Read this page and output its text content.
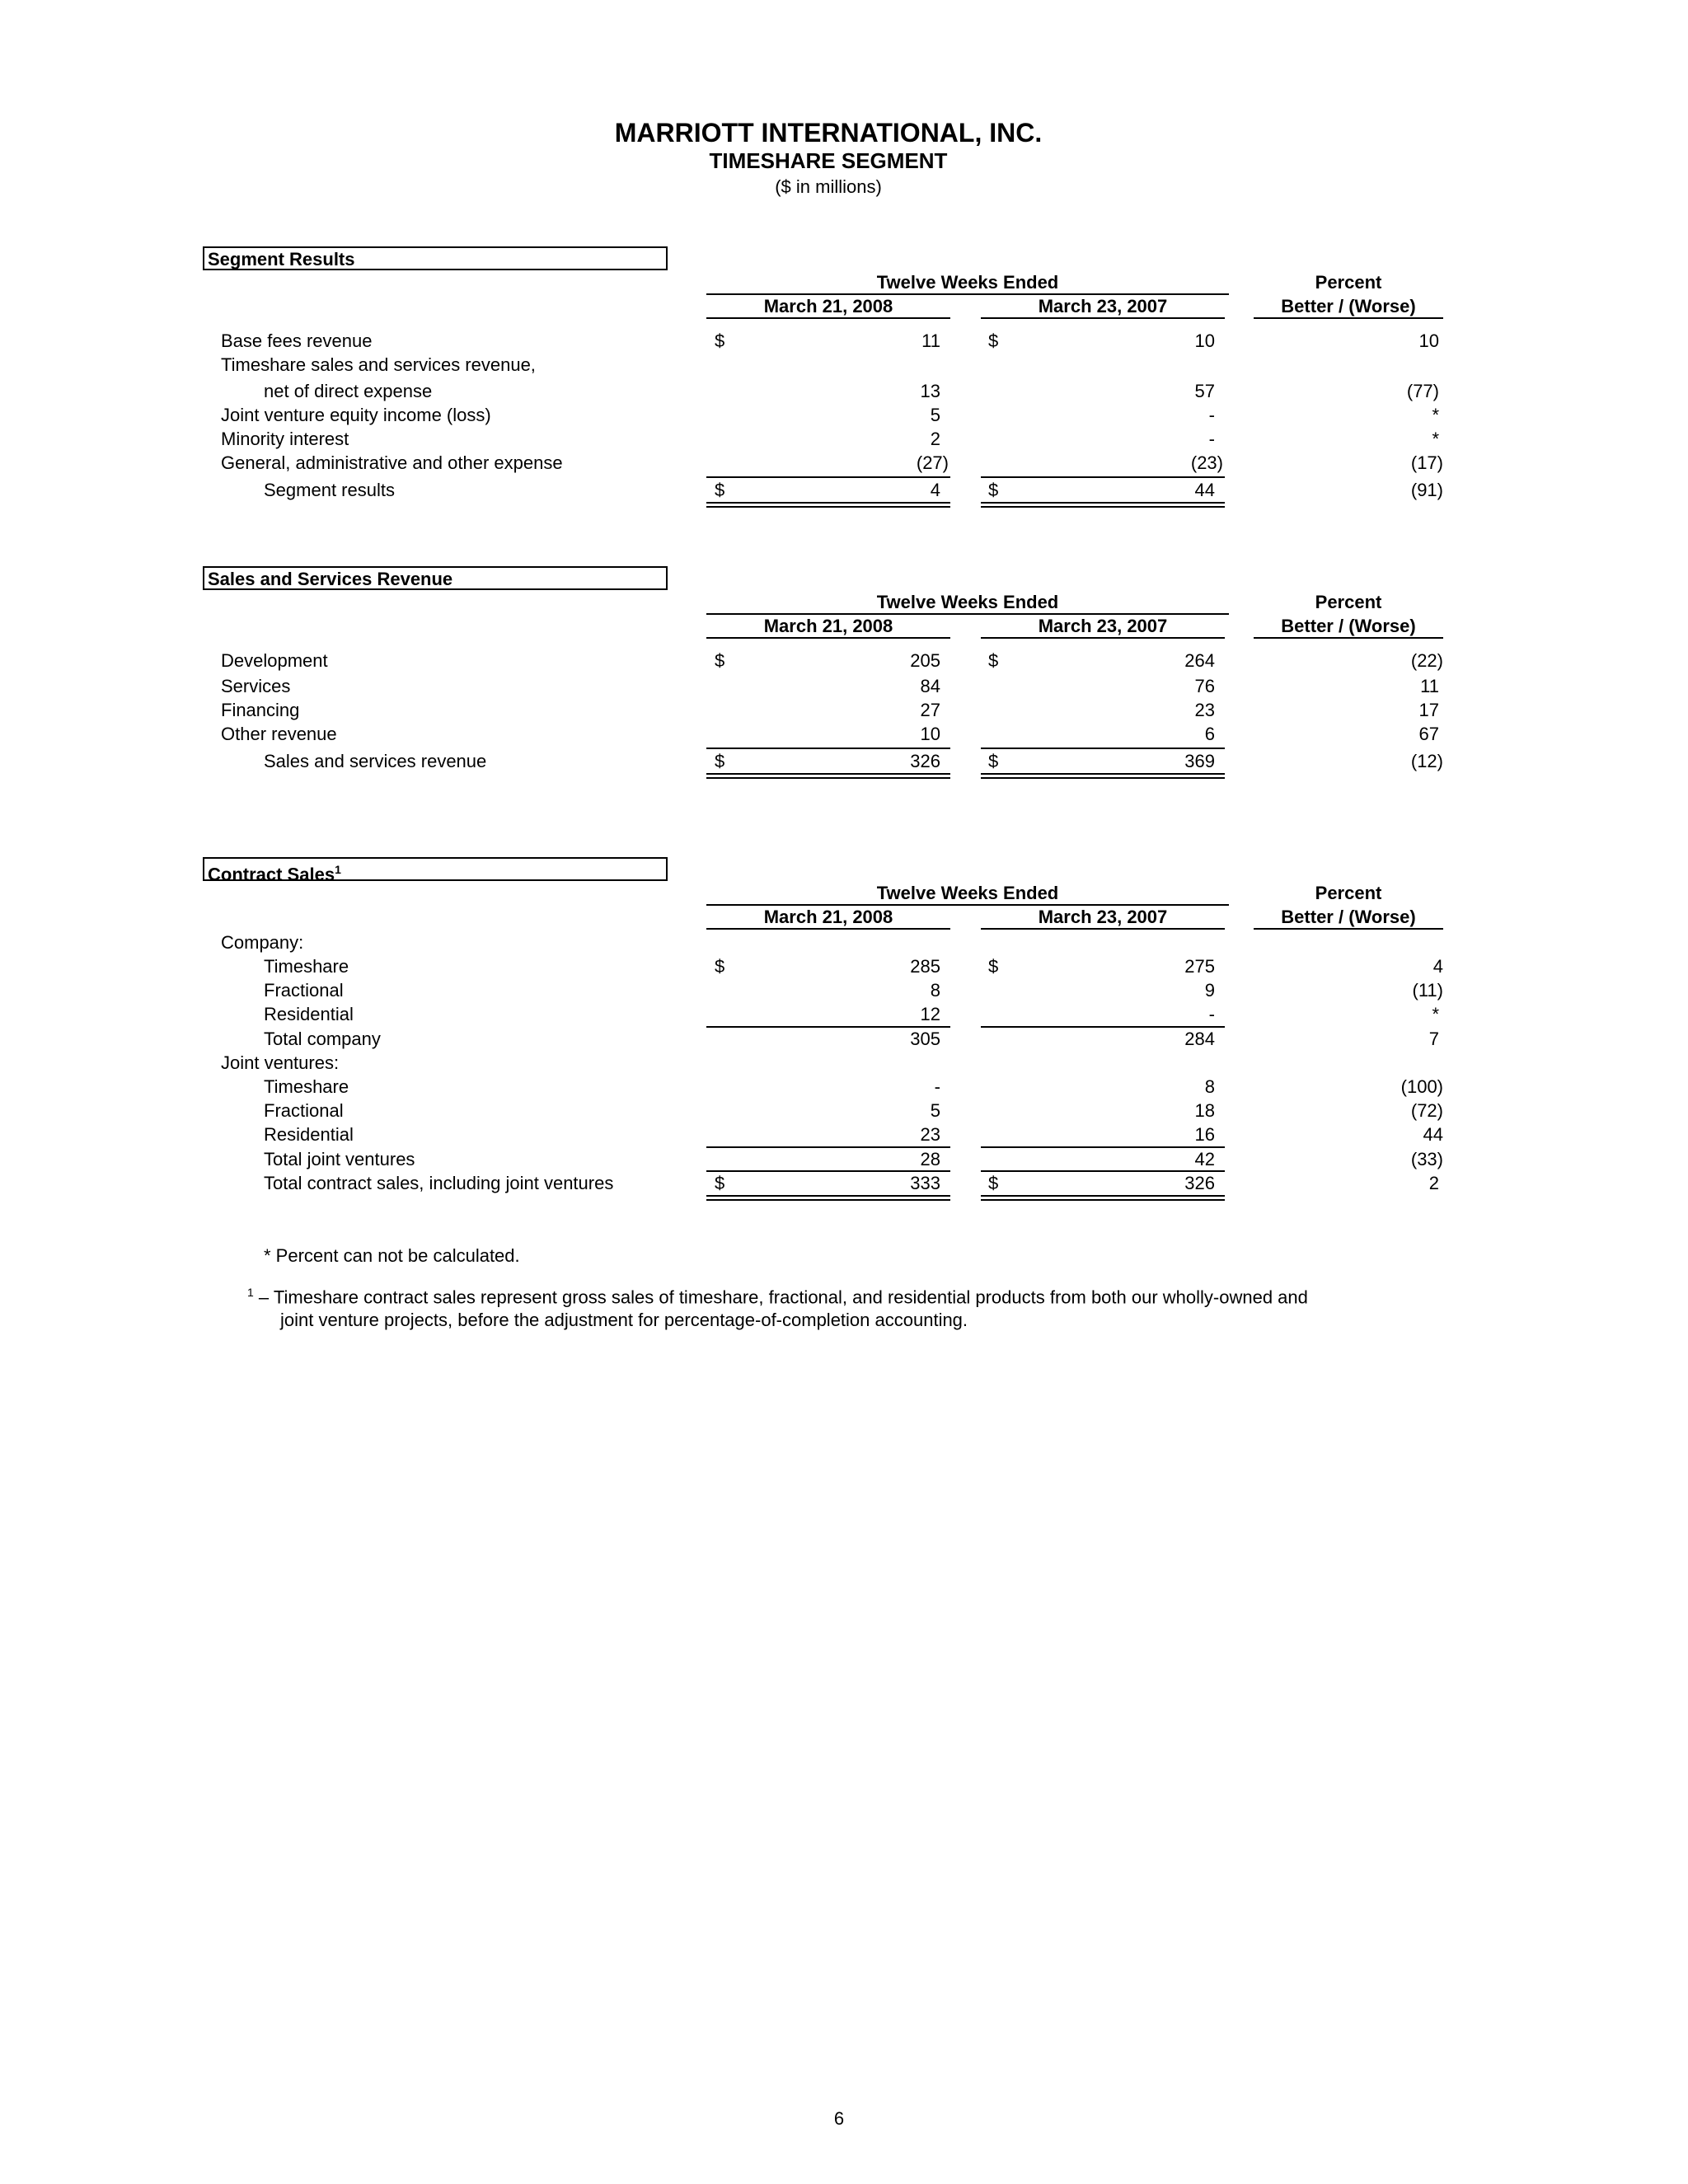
MARRIOTT INTERNATIONAL, INC.
TIMESHARE SEGMENT
($ in millions)
Segment Results
Twelve Weeks Ended
March 21, 2008	March 23, 2007
Percent
Better / (Worse)
Base fees revenue	$	11	$	10	10
Timeshare sales and services revenue,
net of direct expense	13	57	(77)
Joint venture equity income (loss)	5	-	*
Minority interest	2	-	*
General, administrative and other expense	(27)	(23)	(17)
Segment results	$	4	$	44	(91)
Sales and Services Revenue
Twelve Weeks Ended
March 21, 2008	March 23, 2007
Percent
Better / (Worse)
Development	$	205	$	264	(22)
Services	84	76	11
Financing	27	23	17
Other revenue	10	6	67
Sales and services revenue	$	326	$	369	(12)
Contract Sales$^1$
Twelve Weeks Ended
March 21, 2008	March 23, 2007
Percent
Better / (Worse)
Company:
Timeshare	$	285	$	275	4
Fractional	8	9	(11)
Residential	12	-	*
Total company	305	284	7
Joint ventures:
Timeshare	-	8	(100)
Fractional	5	18	(72)
Residential	23	16	44
Total joint ventures	28	42	(33)
Total contract sales, including joint ventures	$	333	$	326	2
* Percent can not be calculated.
$^1$ – Timeshare contract sales represent gross sales of timeshare, fractional, and residential products from both our wholly-owned and
joint venture projects, before the adjustment for percentage-of-completion accounting.
6
